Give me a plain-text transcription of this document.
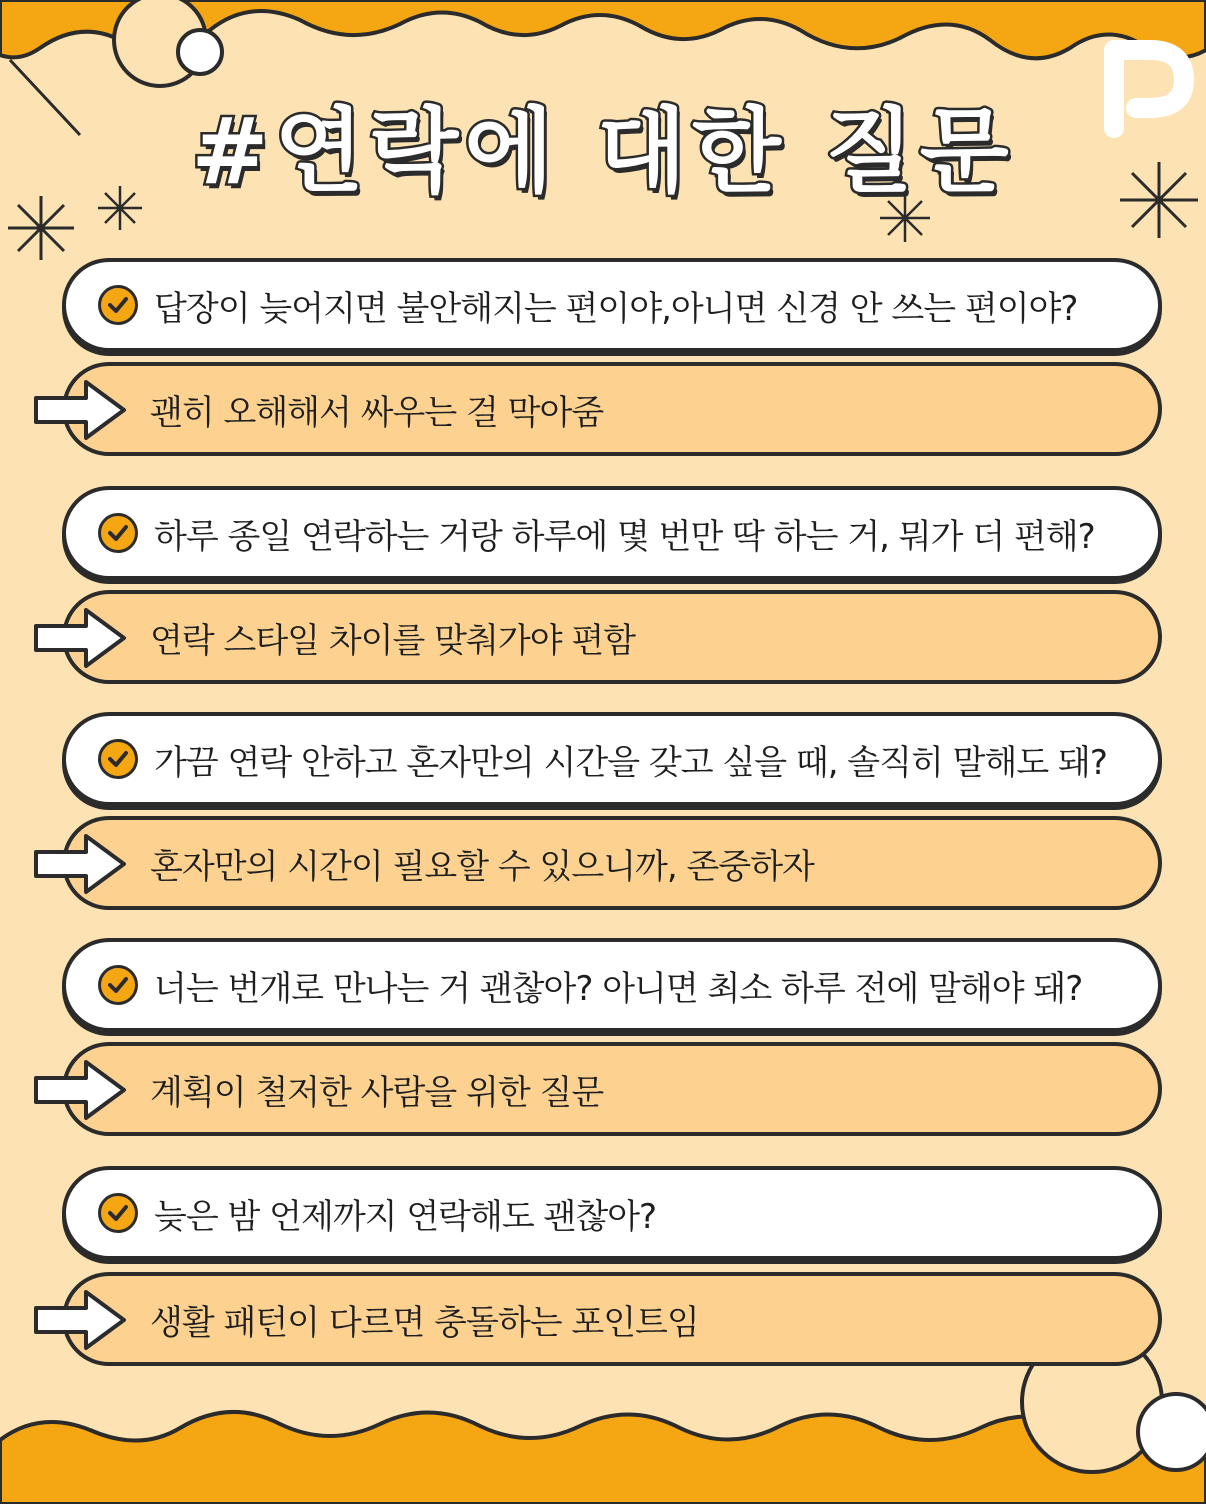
#연락에 대한 질문
답장이 늦어지면 불안해지는 편이야,아니면 신경 안 쓰는 편이야?
괜히 오해해서 싸우는 걸 막아줌
하루 종일 연락하는 거랑 하루에 몇 번만 딱 하는 거, 뭐가 더 편해?
연락 스타일 차이를 맞춰가야 편함
가끔 연락 안하고 혼자만의 시간을 갖고 싶을 때, 솔직히 말해도 돼?
혼자만의 시간이 필요할 수 있으니까, 존중하자
너는 번개로 만나는 거 괜찮아? 아니면 최소 하루 전에 말해야 돼?
계획이 철저한 사람을 위한 질문
늦은 밤 언제까지 연락해도 괜찮아?
생활 패턴이 다르면 충돌하는 포인트임
